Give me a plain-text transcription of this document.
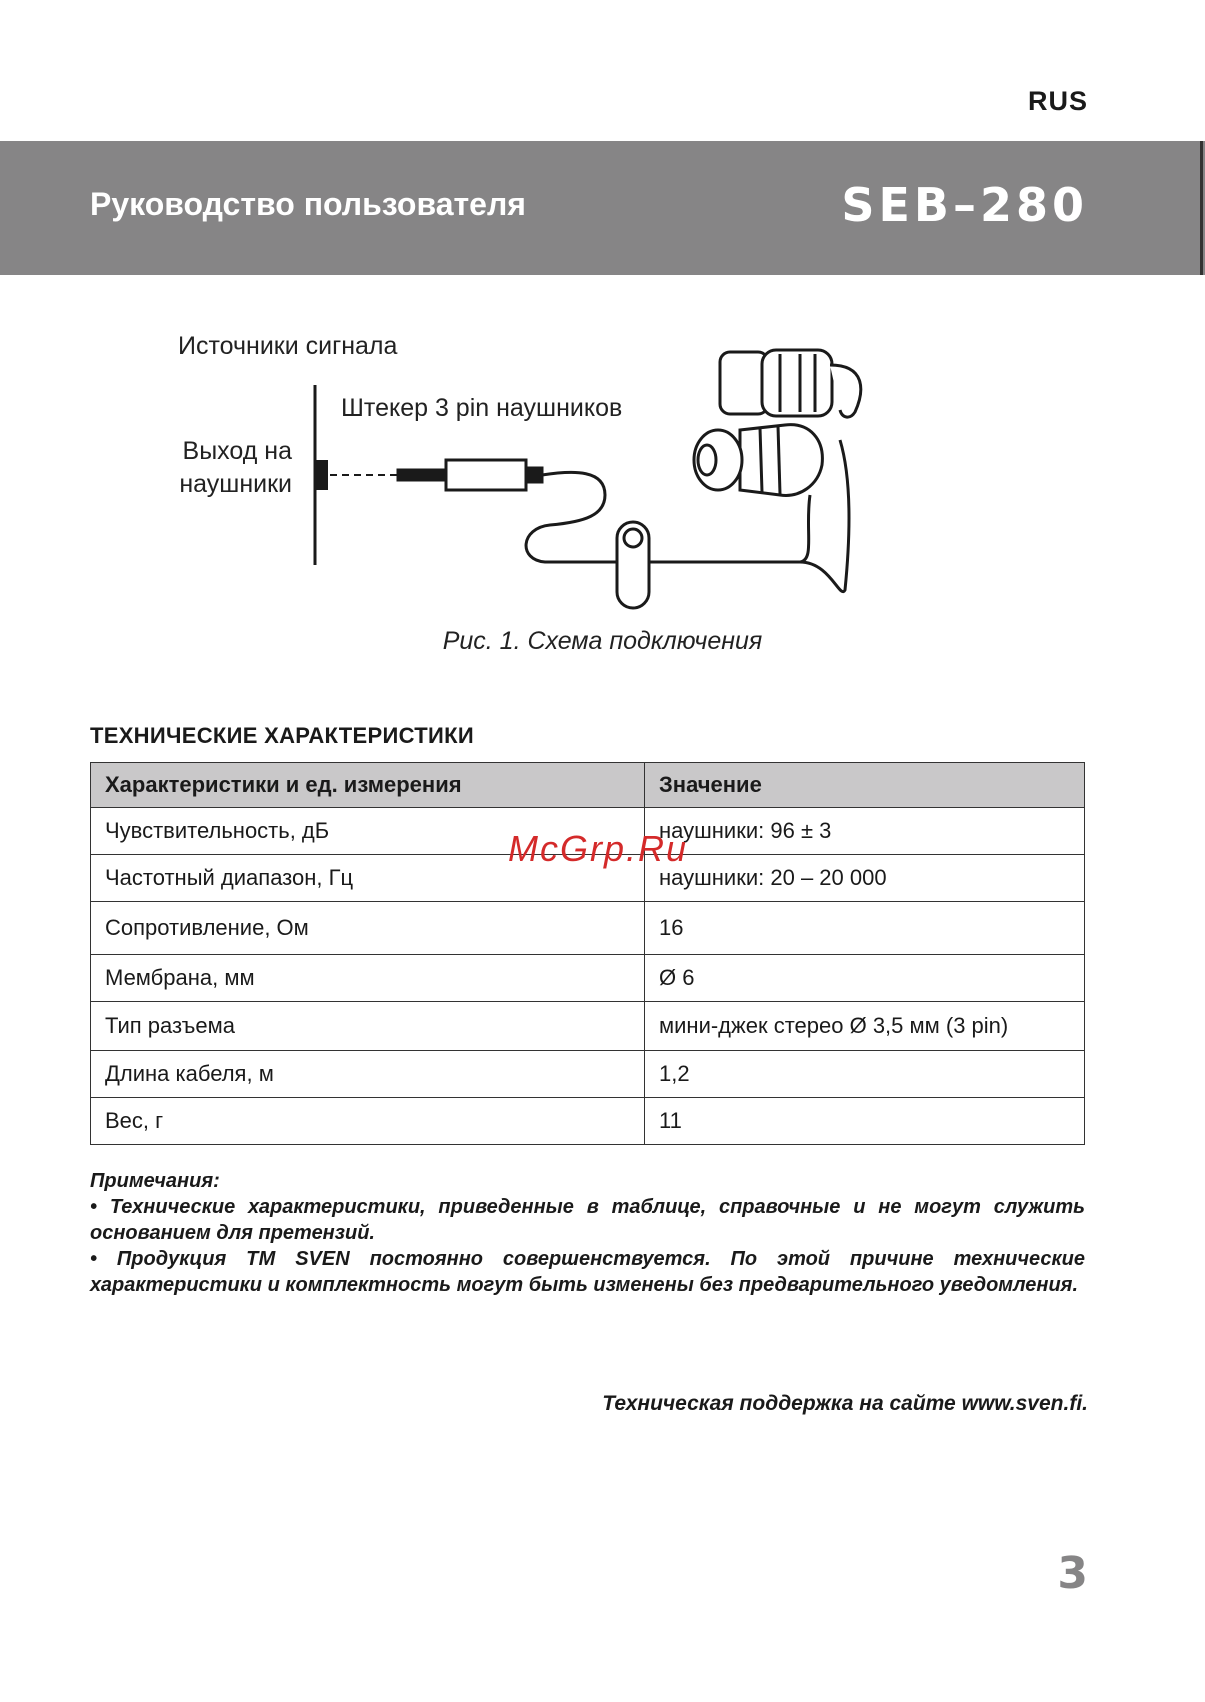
RUS
Руководство пользователя	SEB–280
Источники сигнала
Штекер 3 pin наушников
Выход на
наушники
Рис. 1. Схема подключения
ТЕХНИЧЕСКИЕ ХАРАКТЕРИСТИКИ
Характеристики и ед. измерения	Значение
Чувствительность, дБ	наушники: 96 ± 3
Частотный диапазон, Гц	наушники: 20 – 20 000
Сопротивление, Ом	16
Мембрана, мм	Ø 6
Тип разъема	мини-джек стерео Ø 3,5 мм (3 pin)
Длина кабеля, м	1,2
Вес, г	11
McGrp.Ru

Примечания:

• Технические характеристики, приведенные в таблице, справочные и не могут служить основанием для претензий.

• Продукция ТМ SVEN постоянно совершенствуется. По этой причине технические характеристики и комплектность могут быть изменены без предварительного уведомления.

Техническая поддержка на сайте www.sven.fi.
3
